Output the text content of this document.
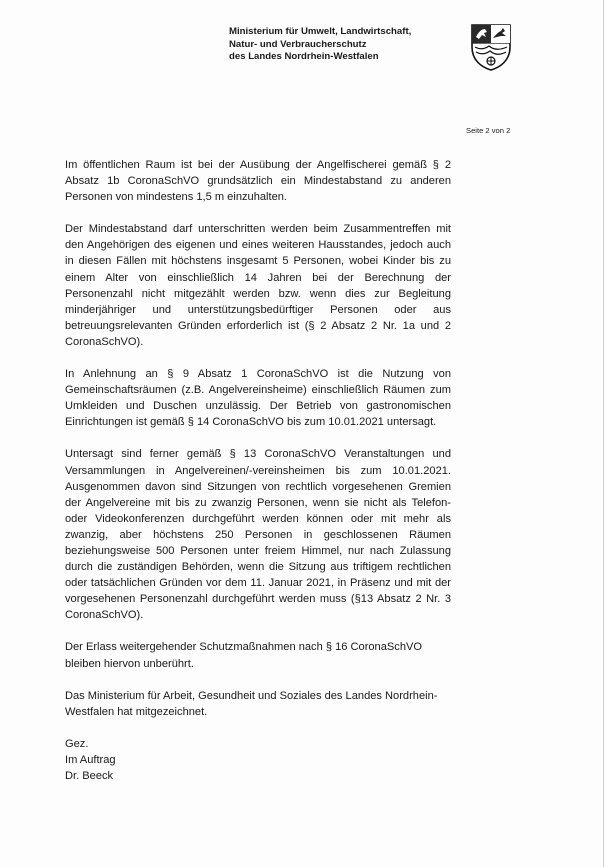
Ministerium für Umwelt, Landwirtschaft,
Natur- und Verbraucherschutz
des Landes Nordrhein-Westfalen
Seite 2 von 2

Im öffentlichen Raum ist bei der Ausübung der Angelfischerei gemäß § 2 Absatz 1b CoronaSchVO grundsätzlich ein Mindestabstand zu anderen Personen von mindestens 1,5 m einzuhalten.

Der Mindestabstand darf unterschritten werden beim Zusammentreffen mit den Angehörigen des eigenen und eines weiteren Hausstandes, jedoch auch in diesen Fällen mit höchstens insgesamt 5 Personen, wobei Kinder bis zu einem Alter von einschließlich 14 Jahren bei der Berechnung der Personenzahl nicht mitgezählt werden bzw. wenn dies zur Begleitung minderjähriger und unterstützungsbedürftiger Personen oder aus betreuungsrelevanten Gründen erforderlich ist (§ 2 Absatz 2 Nr. 1a und 2 CoronaSchVO).

In Anlehnung an § 9 Absatz 1 CoronaSchVO ist die Nutzung von Gemeinschaftsräumen (z.B. Angelvereinsheime) einschließlich Räumen zum Umkleiden und Duschen unzulässig. Der Betrieb von gastronomischen Einrichtungen ist gemäß § 14 CoronaSchVO bis zum 10.01.2021 untersagt.

Untersagt sind ferner gemäß § 13 CoronaSchVO Veranstaltungen und Versammlungen in Angelvereinen/-vereinsheimen bis zum 10.01.2021. Ausgenommen davon sind Sitzungen von rechtlich vorgesehenen Gremien der Angelvereine mit bis zu zwanzig Personen, wenn sie nicht als Telefon- oder Videokonferenzen durchgeführt werden können oder mit mehr als zwanzig, aber höchstens 250 Personen in geschlossenen Räumen beziehungsweise 500 Personen unter freiem Himmel, nur nach Zulassung durch die zuständigen Behörden, wenn die Sitzung aus triftigem rechtlichen oder tatsächlichen Gründen vor dem 11. Januar 2021, in Präsenz und mit der vorgesehenen Personenzahl durchgeführt werden muss (§13 Absatz 2 Nr. 3 CoronaSchVO).

Der Erlass weitergehender Schutzmaßnahmen nach § 16 CoronaSchVO bleiben hiervon unberührt.

Das Ministerium für Arbeit, Gesundheit und Soziales des Landes Nordrhein-Westfalen hat mitgezeichnet.

Gez.
Im Auftrag
Dr. Beeck
